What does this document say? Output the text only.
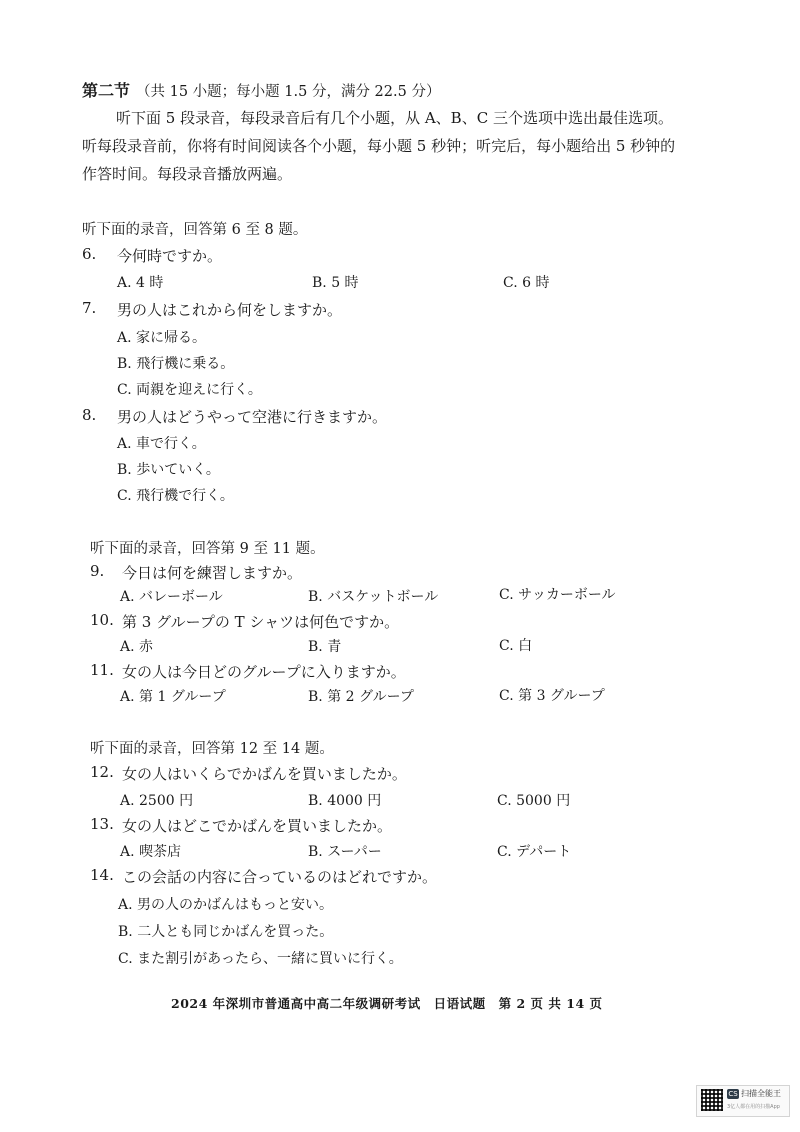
第二节 （共 15 小题；每小题 1.5 分，满分 22.5 分）
听下面 5 段录音，每段录音后有几个小题，从 A、B、C 三个选项中选出最佳选项。
听每段录音前，你将有时间阅读各个小题，每小题 5 秒钟；听完后，每小题给出 5 秒钟的
作答时间。每段录音播放两遍。
听下面的录音，回答第 6 至 8 题。
6. 今何時ですか。
A. 4 時	B. 5 時	C. 6 時
7. 男の人はこれから何をしますか。
A. 家に帰る。
B. 飛行機に乗る。
C. 両親を迎えに行く。
8. 男の人はどうやって空港に行きますか。
A. 車で行く。
B. 歩いていく。
C. 飛行機で行く。
听下面的录音，回答第 9 至 11 题。
9. 今日は何を練習しますか。
A. バレーボール	B. バスケットボール	C. サッカーボール
10. 第 3 グループの T シャツは何色ですか。
A. 赤	B. 青	C. 白
11. 女の人は今日どのグループに入りますか。
A. 第 1 グループ	B. 第 2 グループ	C. 第 3 グループ
听下面的录音，回答第 12 至 14 题。
12. 女の人はいくらでかばんを買いましたか。
A. 2500 円	B. 4000 円	C. 5000 円
13. 女の人はどこでかばんを買いましたか。
A. 喫茶店	B. スーパー	C. デパート
14. この会話の内容に合っているのはどれですか。
A. 男の人のかばんはもっと安い。
B. 二人とも同じかばんを買った。
C. また割引があったら、一緒に買いに行く。
2024 年深圳市普通高中高二年级调研考试　日语试题　第 2 页 共 14 页
CS 扫描全能王
3亿人都在用的扫描App
